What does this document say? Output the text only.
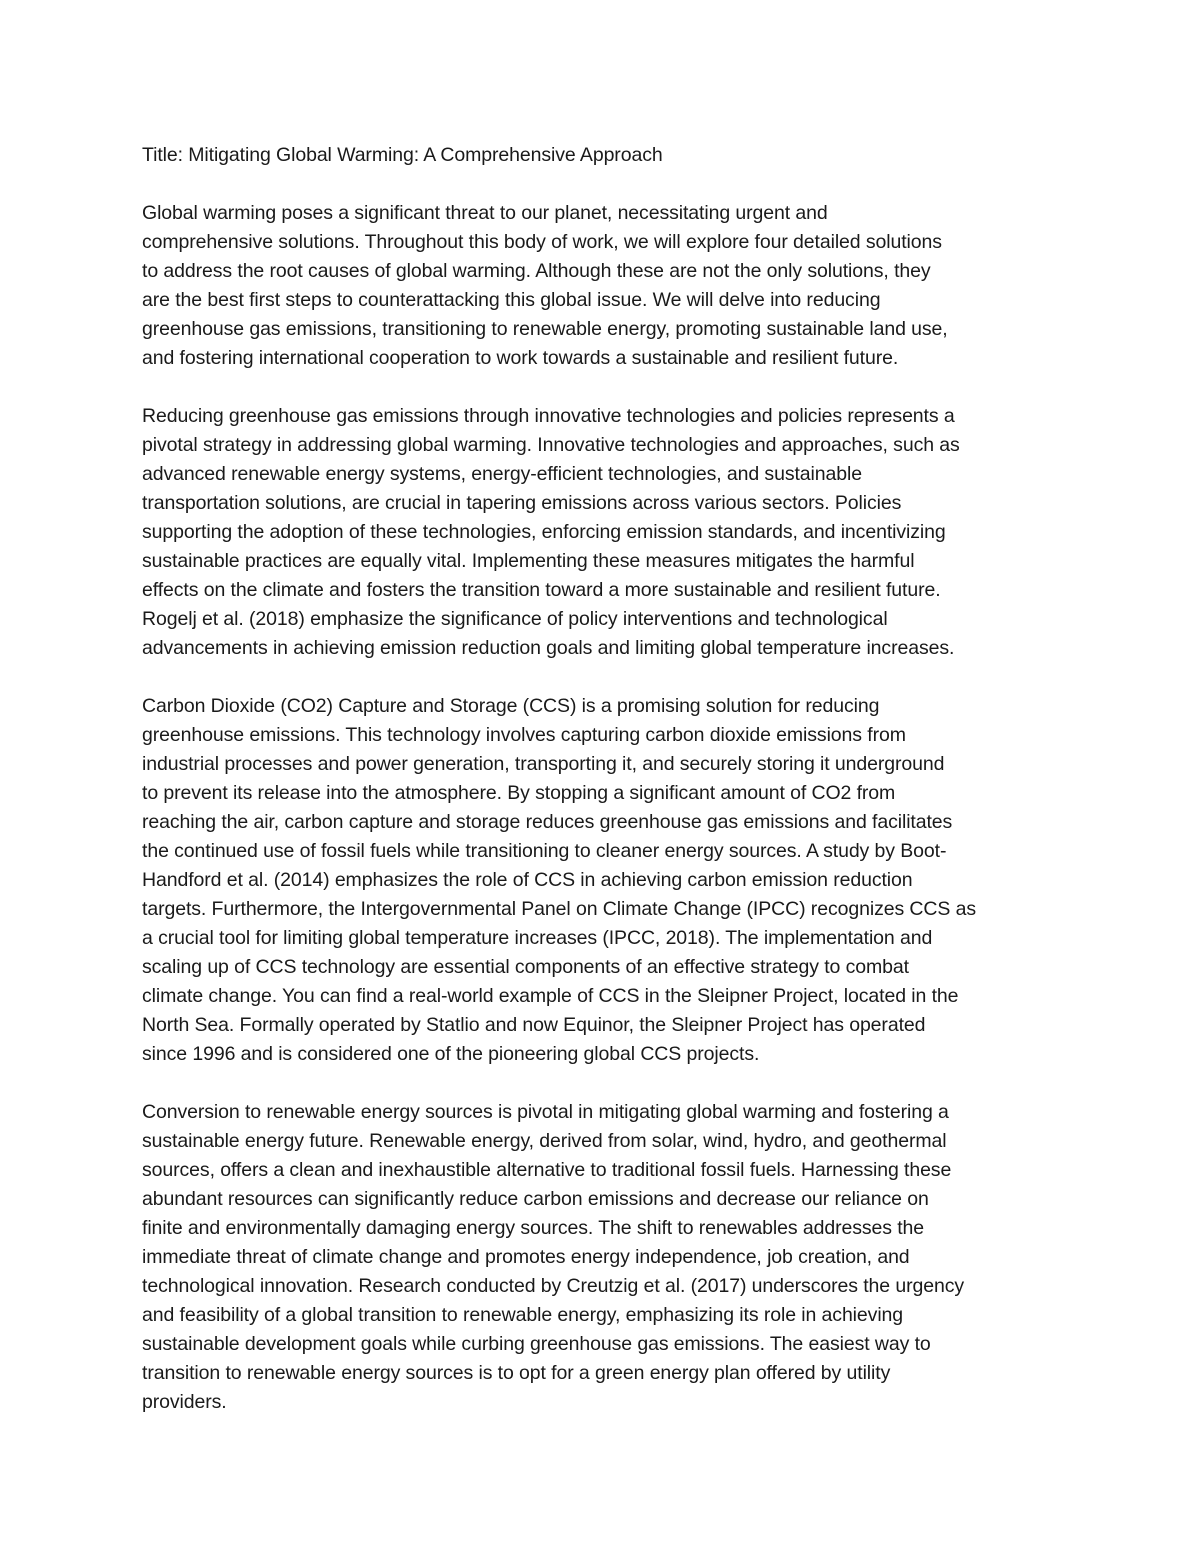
Title: Mitigating Global Warming: A Comprehensive Approach
Global warming poses a significant threat to our planet, necessitating urgent and
comprehensive solutions. Throughout this body of work, we will explore four detailed solutions
to address the root causes of global warming. Although these are not the only solutions, they
are the best first steps to counterattacking this global issue. We will delve into reducing
greenhouse gas emissions, transitioning to renewable energy, promoting sustainable land use,
and fostering international cooperation to work towards a sustainable and resilient future.
Reducing greenhouse gas emissions through innovative technologies and policies represents a
pivotal strategy in addressing global warming. Innovative technologies and approaches, such as
advanced renewable energy systems, energy-efficient technologies, and sustainable
transportation solutions, are crucial in tapering emissions across various sectors. Policies
supporting the adoption of these technologies, enforcing emission standards, and incentivizing
sustainable practices are equally vital. Implementing these measures mitigates the harmful
effects on the climate and fosters the transition toward a more sustainable and resilient future.
Rogelj et al. (2018) emphasize the significance of policy interventions and technological
advancements in achieving emission reduction goals and limiting global temperature increases.
Carbon Dioxide (CO2) Capture and Storage (CCS) is a promising solution for reducing
greenhouse emissions. This technology involves capturing carbon dioxide emissions from
industrial processes and power generation, transporting it, and securely storing it underground
to prevent its release into the atmosphere. By stopping a significant amount of CO2 from
reaching the air, carbon capture and storage reduces greenhouse gas emissions and facilitates
the continued use of fossil fuels while transitioning to cleaner energy sources. A study by Boot-
Handford et al. (2014) emphasizes the role of CCS in achieving carbon emission reduction
targets. Furthermore, the Intergovernmental Panel on Climate Change (IPCC) recognizes CCS as
a crucial tool for limiting global temperature increases (IPCC, 2018). The implementation and
scaling up of CCS technology are essential components of an effective strategy to combat
climate change. You can find a real-world example of CCS in the Sleipner Project, located in the
North Sea. Formally operated by Statlio and now Equinor, the Sleipner Project has operated
since 1996 and is considered one of the pioneering global CCS projects.
Conversion to renewable energy sources is pivotal in mitigating global warming and fostering a
sustainable energy future. Renewable energy, derived from solar, wind, hydro, and geothermal
sources, offers a clean and inexhaustible alternative to traditional fossil fuels. Harnessing these
abundant resources can significantly reduce carbon emissions and decrease our reliance on
finite and environmentally damaging energy sources. The shift to renewables addresses the
immediate threat of climate change and promotes energy independence, job creation, and
technological innovation. Research conducted by Creutzig et al. (2017) underscores the urgency
and feasibility of a global transition to renewable energy, emphasizing its role in achieving
sustainable development goals while curbing greenhouse gas emissions. The easiest way to
transition to renewable energy sources is to opt for a green energy plan offered by utility
providers.
